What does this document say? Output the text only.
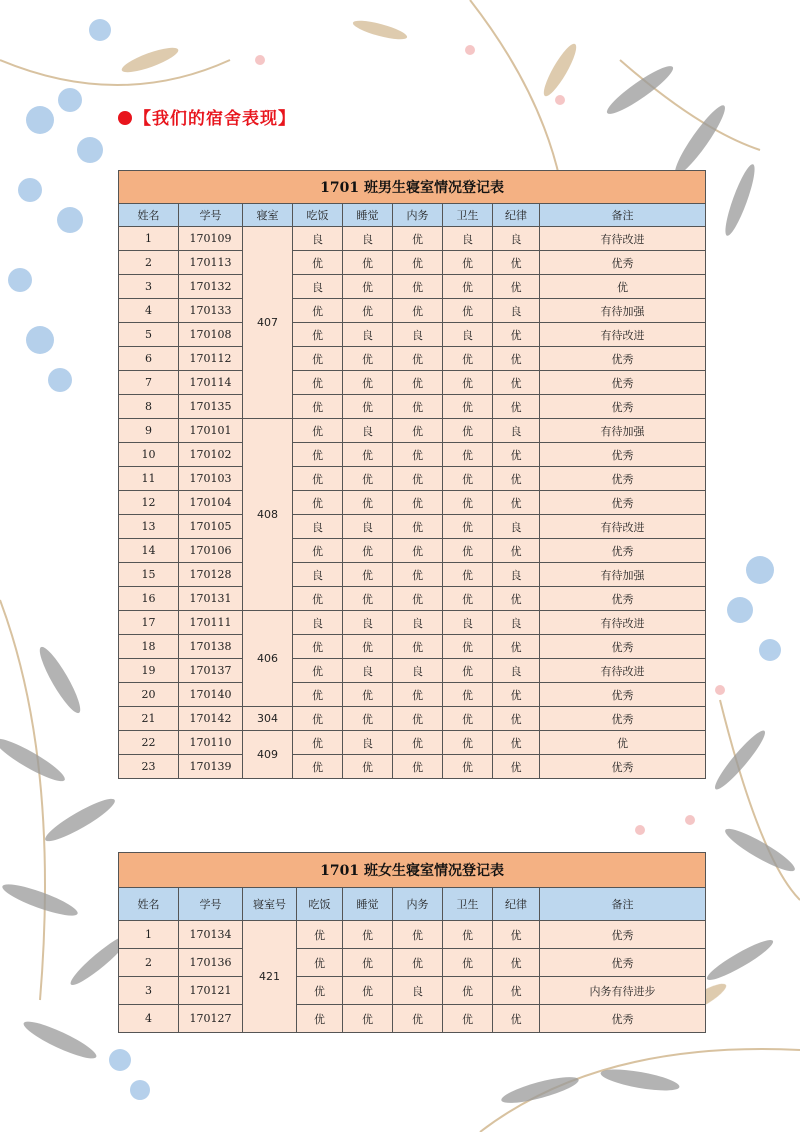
【我们的宿舍表现】
1701 班男生寝室情况登记表								
姓名	学号	寝室	吃饭	睡觉	内务	卫生	纪律	备注
1	170109	407	良	良	优	良	良	有待改进
2	170113		优	优	优	优	优	优秀
3	170132		良	优	优	优	优	优
4	170133		优	优	优	优	良	有待加强
5	170108		优	良	良	良	优	有待改进
6	170112		优	优	优	优	优	优秀
7	170114		优	优	优	优	优	优秀
8	170135		优	优	优	优	优	优秀
9	170101	408	优	良	优	优	良	有待加强
10	170102		优	优	优	优	优	优秀
11	170103		优	优	优	优	优	优秀
12	170104		优	优	优	优	优	优秀
13	170105		良	良	优	优	良	有待改进
14	170106		优	优	优	优	优	优秀
15	170128		良	优	优	优	良	有待加强
16	170131		优	优	优	优	优	优秀
17	170111	406	良	良	良	良	良	有待改进
18	170138		优	优	优	优	优	优秀
19	170137		优	良	良	优	良	有待改进
20	170140		优	优	优	优	优	优秀
21	170142	304	优	优	优	优	优	优秀
22	170110	409	优	良	优	优	优	优
23	170139		优	优	优	优	优	优秀
1701 班女生寝室情况登记表								
姓名	学号	寝室号	吃饭	睡觉	内务	卫生	纪律	备注
1	170134	421	优	优	优	优	优	优秀
2	170136		优	优	优	优	优	优秀
3	170121		优	优	良	优	优	内务有待进步
4	170127		优	优	优	优	优	优秀
